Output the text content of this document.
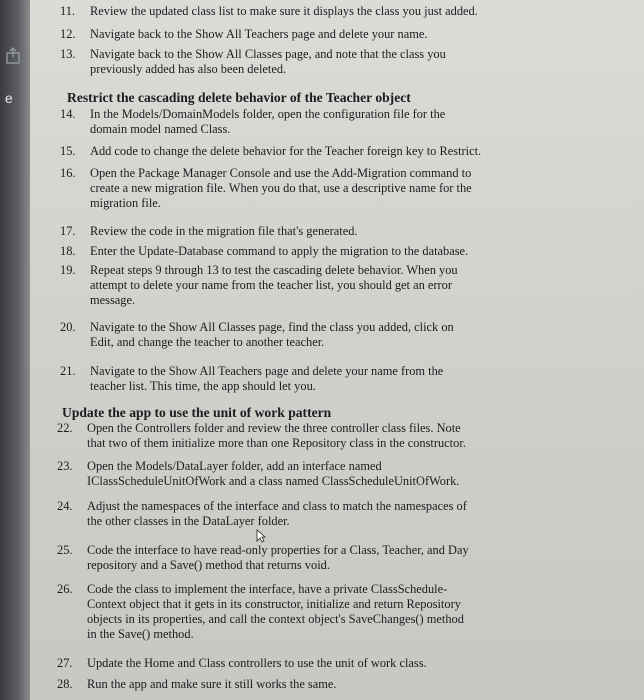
e
11. Review the updated class list to make sure it displays the class you just added.
12. Navigate back to the Show All Teachers page and delete your name.
13. Navigate back to the Show All Classes page, and note that the class you
previously added has also been deleted.
14. In the Models/DomainModels folder, open the configuration file for the
domain model named Class.
15. Add code to change the delete behavior for the Teacher foreign key to Restrict.
16. Open the Package Manager Console and use the Add-Migration command to
create a new migration file. When you do that, use a descriptive name for the
migration file.
17. Review the code in the migration file that's generated.
18. Enter the Update-Database command to apply the migration to the database.
19. Repeat steps 9 through 13 to test the cascading delete behavior. When you
attempt to delete your name from the teacher list, you should get an error
message.
20. Navigate to the Show All Classes page, find the class you added, click on
Edit, and change the teacher to another teacher.
21. Navigate to the Show All Teachers page and delete your name from the
teacher list. This time, the app should let you.
22. Open the Controllers folder and review the three controller class files. Note
that two of them initialize more than one Repository class in the constructor.
23. Open the Models/DataLayer folder, add an interface named
IClassScheduleUnitOfWork and a class named ClassScheduleUnitOfWork.
24. Adjust the namespaces of the interface and class to match the namespaces of
the other classes in the DataLayer folder.
25. Code the interface to have read-only properties for a Class, Teacher, and Day
repository and a Save() method that returns void.
26. Code the class to implement the interface, have a private ClassSchedule-
Context object that it gets in its constructor, initialize and return Repository
objects in its properties, and call the context object's SaveChanges() method
in the Save() method.
27. Update the Home and Class controllers to use the unit of work class.
28. Run the app and make sure it still works the same.
Restrict the cascading delete behavior of the Teacher object
Update the app to use the unit of work pattern
